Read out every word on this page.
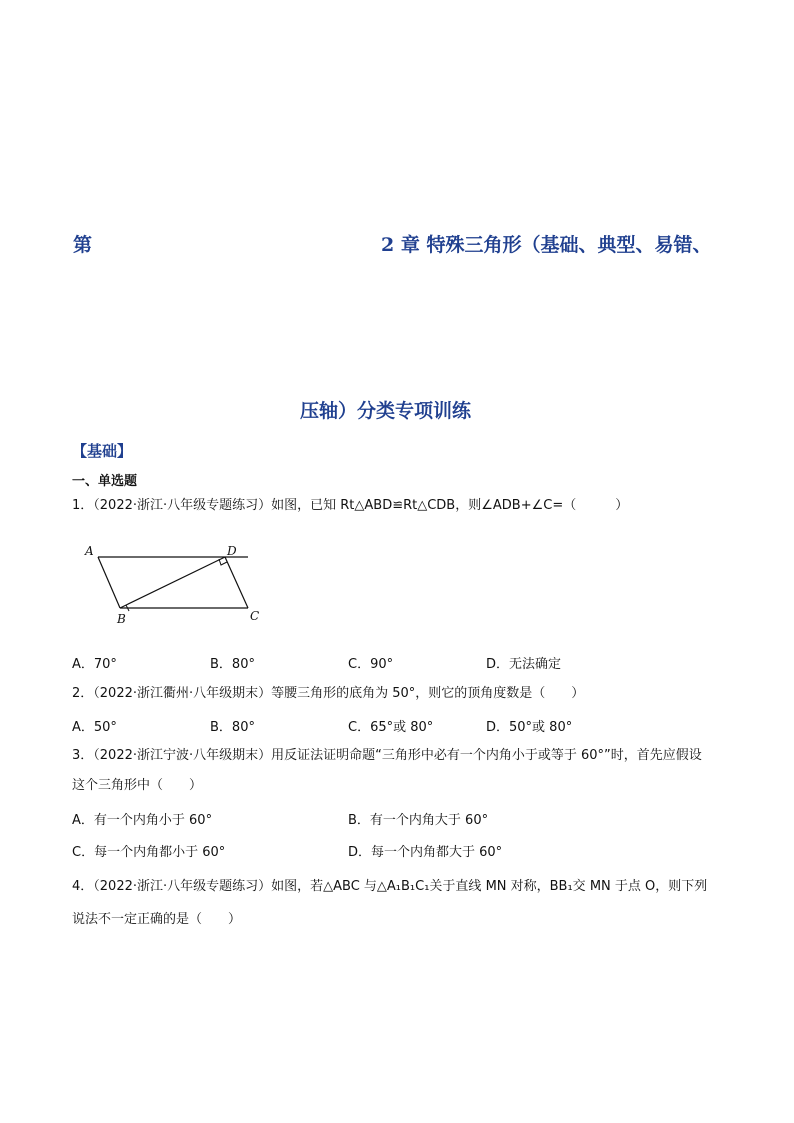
第	2 章 特殊三角形（基础、典型、易错、
压轴）分类专项训练
【基础】
一、单选题
1．（2022·浙江·八年级专题练习）如图，已知 Rt△ABD≌Rt△CDB，则∠ADB+∠C=（　　　）
A	D
B	C
A．70°	B．80°	C．90°	D．无法确定
2．（2022·浙江衢州·八年级期末）等腰三角形的底角为 50°，则它的顶角度数是（　　）
A．50°	B．80°	C．65°或 80°	D．50°或 80°
3．（2022·浙江宁波·八年级期末）用反证法证明命题“三角形中必有一个内角小于或等于 60°”时，首先应假设
这个三角形中（　　）
A．有一个内角小于 60°	B．有一个内角大于 60°
C．每一个内角都小于 60°	D．每一个内角都大于 60°
4．（2022·浙江·八年级专题练习）如图，若△ABC 与△A₁B₁C₁关于直线 MN 对称，BB₁交 MN 于点 O，则下列
说法不一定正确的是（　　）
